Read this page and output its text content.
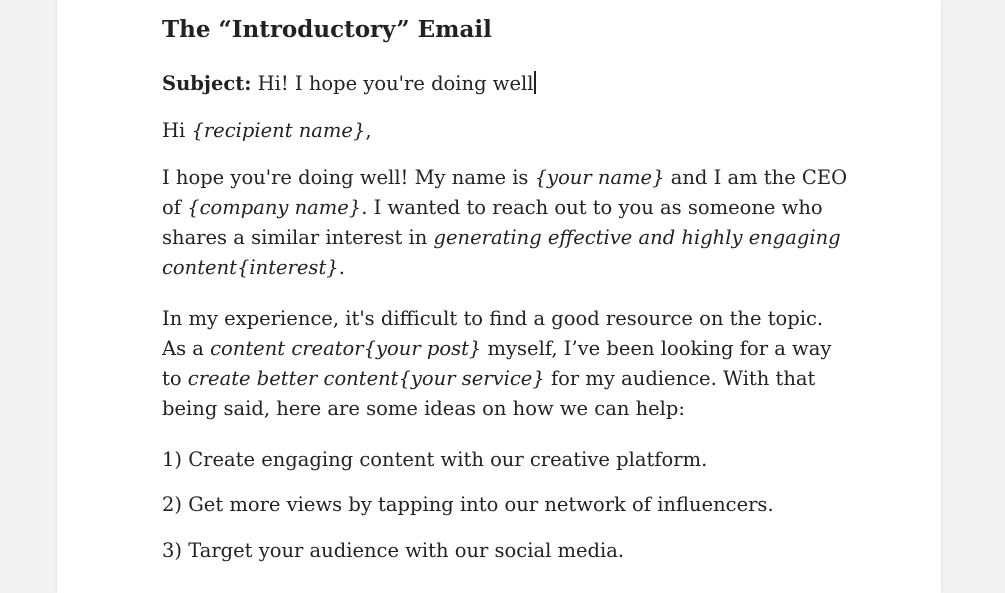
The “Introductory” Email

Subject: Hi! I hope you're doing well

Hi {recipient name},

I hope you're doing well! My name is {your name} and I am the CEO of {company name}. I wanted to reach out to you as someone who shares a similar interest in generating effective and highly engaging content{interest}.

In my experience, it's difficult to find a good resource on the topic. As a content creator{your post} myself, I’ve been looking for a way to create better content{your service} for my audience. With that being said, here are some ideas on how we can help:

1) Create engaging content with our creative platform.

2) Get more views by tapping into our network of influencers.

3) Target your audience with our social media.
